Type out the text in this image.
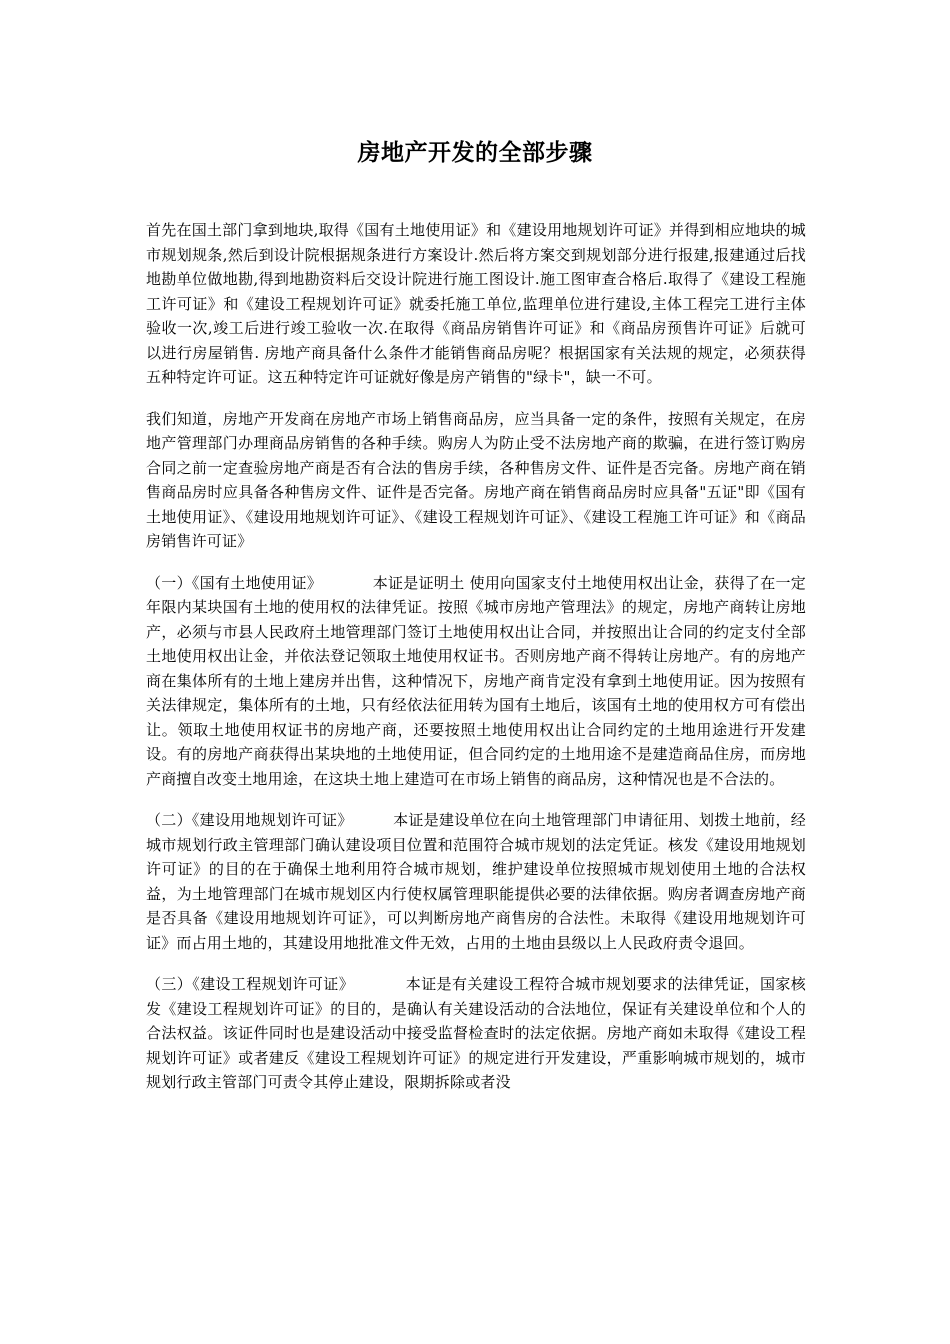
房地产开发的全部步骤

首先在国土部门拿到地块,取得《国有土地使用证》和《建设用地规划许可证》并得到相应地块的城市规划规条,然后到设计院根据规条进行方案设计.然后将方案交到规划部分进行报建,报建通过后找地勘单位做地勘,得到地勘资料后交设计院进行施工图设计.施工图审查合格后.取得了《建设工程施工许可证》和《建设工程规划许可证》就委托施工单位,监理单位进行建设,主体工程完工进行主体验收一次,竣工后进行竣工验收一次.在取得《商品房销售许可证》和《商品房预售许可证》后就可以进行房屋销售. 房地产商具备什么条件才能销售商品房呢？根据国家有关法规的规定，必须获得五种特定许可证。这五种特定许可证就好像是房产销售的"绿卡"，缺一不可。

我们知道，房地产开发商在房地产市场上销售商品房，应当具备一定的条件，按照有关规定，在房地产管理部门办理商品房销售的各种手续。购房人为防止受不法房地产商的欺骗，在进行签订购房合同之前一定查验房地产商是否有合法的售房手续，各种售房文件、证件是否完备。房地产商在销售商品房时应具备各种售房文件、证件是否完备。房地产商在销售商品房时应具备"五证"即《国有土地使用证》、《建设用地规划许可证》、《建设工程规划许可证》、《建设工程施工许可证》和《商品房销售许可证》

（一）《国有土地使用证》	本证是证明土 使用向国家支付土地使用权出让金，获得了在一定年限内某块国有土地的使用权的法律凭证。按照《城市房地产管理法》的规定，房地产商转让房地产，必须与市县人民政府土地管理部门签订土地使用权出让合同，并按照出让合同的约定支付全部土地使用权出让金，并依法登记领取土地使用权证书。否则房地产商不得转让房地产。有的房地产商在集体所有的土地上建房并出售，这种情况下，房地产商肯定没有拿到土地使用证。因为按照有关法律规定，集体所有的土地，只有经依法征用转为国有土地后，该国有土地的使用权方可有偿出让。领取土地使用权证书的房地产商，还要按照土地使用权出让合同约定的土地用途进行开发建设。有的房地产商获得出某块地的土地使用证，但合同约定的土地用途不是建造商品住房，而房地产商擅自改变土地用途，在这块土地上建造可在市场上销售的商品房，这种情况也是不合法的。

（二）《建设用地规划许可证》	本证是建设单位在向土地管理部门申请征用、划拨土地前，经城市规划行政主管理部门确认建设项目位置和范围符合城市规划的法定凭证。核发《建设用地规划许可证》的目的在于确保土地利用符合城市规划，维护建设单位按照城市规划使用土地的合法权益，为土地管理部门在城市规划区内行使权属管理职能提供必要的法律依据。购房者调查房地产商是否具备《建设用地规划许可证》，可以判断房地产商售房的合法性。未取得《建设用地规划许可证》而占用土地的，其建设用地批准文件无效，占用的土地由县级以上人民政府责令退回。

（三）《建设工程规划许可证》	本证是有关建设工程符合城市规划要求的法律凭证，国家核发《建设工程规划许可证》的目的，是确认有关建设活动的合法地位，保证有关建设单位和个人的合法权益。该证件同时也是建设活动中接受监督检查时的法定依据。房地产商如未取得《建设工程规划许可证》或者建反《建设工程规划许可证》的规定进行开发建设，严重影响城市规划的，城市规划行政主管部门可责令其停止建设，限期拆除或者没
